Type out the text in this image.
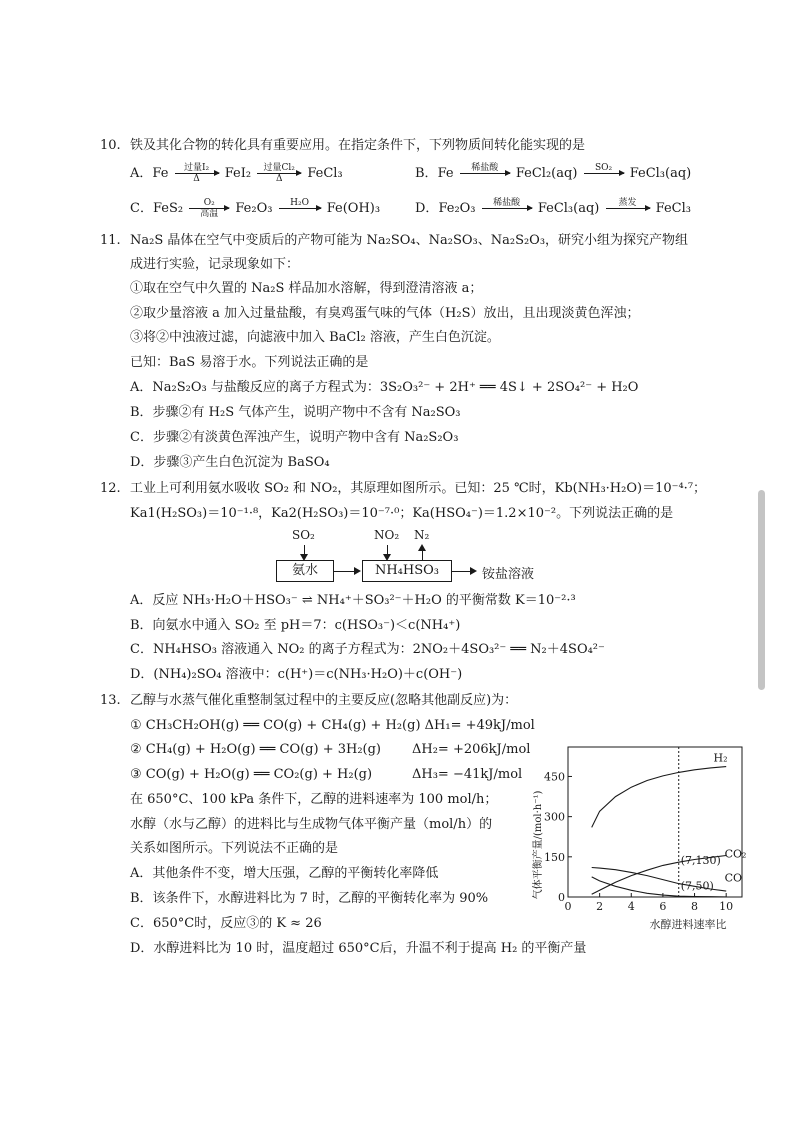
10. 铁及其化合物的转化具有重要应用。在指定条件下，下列物质间转化能实现的是
A．Fe	过量I₂
Δ	FeI₂	过量Cl₂
Δ	FeCl₃	B．Fe	稀盐酸
	FeCl₂(aq)	SO₂
	FeCl₃(aq)
C．FeS₂	O₂
高温	Fe₂O₃	H₂O
	Fe(OH)₃	D．Fe₂O₃	稀盐酸
	FeCl₃(aq)	蒸发
	FeCl₃
11. Na₂S 晶体在空气中变质后的产物可能为 Na₂SO₄、Na₂SO₃、Na₂S₂O₃，研究小组为探究产物组
成进行实验，记录现象如下：
①取在空气中久置的 Na₂S 样品加水溶解，得到澄清溶液 a；
②取少量溶液 a 加入过量盐酸，有臭鸡蛋气味的气体（H₂S）放出，且出现淡黄色浑浊；
③将②中浊液过滤，向滤液中加入 BaCl₂ 溶液，产生白色沉淀。
已知：BaS 易溶于水。下列说法正确的是
A．Na₂S₂O₃ 与盐酸反应的离子方程式为：3S₂O₃²⁻ + 2H⁺ ══ 4S↓ + 2SO₄²⁻ + H₂O
B．步骤②有 H₂S 气体产生，说明产物中不含有 Na₂SO₃
C．步骤②有淡黄色浑浊产生，说明产物中含有 Na₂S₂O₃
D．步骤③产生白色沉淀为 BaSO₄
12. 工业上可利用氨水吸收 SO₂ 和 NO₂，其原理如图所示。已知：25 ℃时，Kb(NH₃·H₂O)＝10⁻⁴·⁷；
Ka1(H₂SO₃)＝10⁻¹·⁸，Ka2(H₂SO₃)＝10⁻⁷·⁰；Ka(HSO₄⁻)＝1.2×10⁻²。下列说法正确的是
SO₂
氨水
NO₂ N₂
NH₄HSO₃	铵盐溶液
A．反应 NH₃·H₂O＋HSO₃⁻ ⇌ NH₄⁺＋SO₃²⁻＋H₂O 的平衡常数 K＝10⁻²·³
B．向氨水中通入 SO₂ 至 pH＝7：c(HSO₃⁻)＜c(NH₄⁺)
C．NH₄HSO₃ 溶液通入 NO₂ 的离子方程式为：2NO₂＋4SO₃²⁻ ══ N₂＋4SO₄²⁻
D．(NH₄)₂SO₄ 溶液中：c(H⁺)＝c(NH₃·H₂O)＋c(OH⁻)
13. 乙醇与水蒸气催化重整制氢过程中的主要反应(忽略其他副反应)为：
① CH₃CH₂OH(g) ══ CO(g) + CH₄(g) + H₂(g) ΔH₁= +49kJ/mol
② CH₄(g) + H₂O(g) ══ CO(g) + 3H₂(g) ΔH₂= +206kJ/mol
③ CO(g) + H₂O(g) ══ CO₂(g) + H₂(g)	ΔH₃= −41kJ/mol
在 650°C、100 kPa 条件下，乙醇的进料速率为 100 mol/h；
水醇（水与乙醇）的进料比与生成物气体平衡产量（mol/h）的
关系如图所示。下列说法不正确的是
A．其他条件不变，增大压强，乙醇的平衡转化率降低
B．该条件下，水醇进料比为 7 时，乙醇的平衡转化率为 90%
C．650°C时，反应③的 K ≈ 26
D．水醇进料比为 10 时，温度超过 650°C后，升温不利于提高 H₂ 的平衡产量
气体平衡产量/(mol·h⁻¹)
水醇进料速率比
0 2 4 6 8 10
0
150
300
450
H₂
CO₂
CO
(7,130)
(7,50)
